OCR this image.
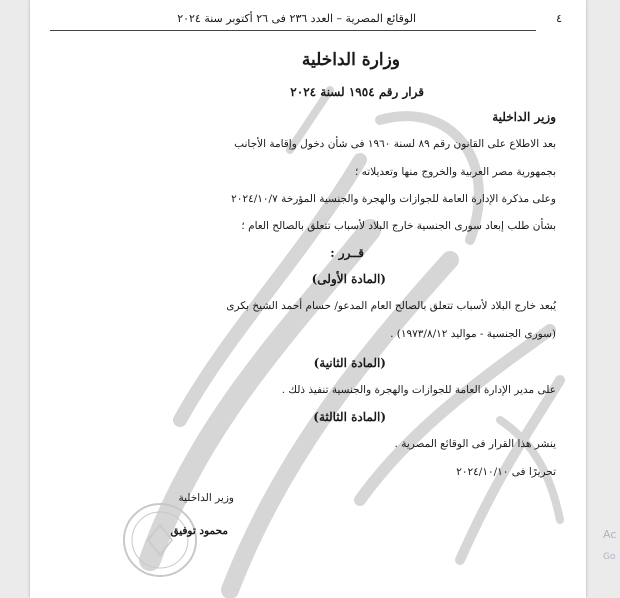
٤
الوقائع المصرية – العدد ٢٣٦ فى ٢٦ أكتوبر سنة ٢٠٢٤
وزارة الداخلية
قرار رقم ١٩٥٤ لسنة ٢٠٢٤
وزير الداخلية
بعد الاطلاع على القانون رقم ٨٩ لسنة ١٩٦٠ فى شأن دخول وإقامة الأجانب
بجمهورية مصر العربية والخروج منها وتعديلاته ؛
وعلى مذكرة الإدارة العامة للجوازات والهجرة والجنسية المؤرخة ٢٠٢٤/١٠/٧
بشأن طلب إبعاد سورى الجنسية خارج البلاد لأسباب تتعلق بالصالح العام ؛
قــرر :
(المادة الأولى)
يُبعد خارج البلاد لأسباب تتعلق بالصالح العام المدعو/ حسام أحمد الشيخ بكرى
(سورى الجنسية - مواليد ١٩٧٣/٨/١٢) .
(المادة الثانية)
على مدير الإدارة العامة للجوازات والهجرة والجنسية تنفيذ ذلك .
(المادة الثالثة)
ينشر هذا القرار فى الوقائع المصرية .
تحريرًا فى ٢٠٢٤/١٠/١٠
وزير الداخلية
محمود توفيق	Ac
Go
